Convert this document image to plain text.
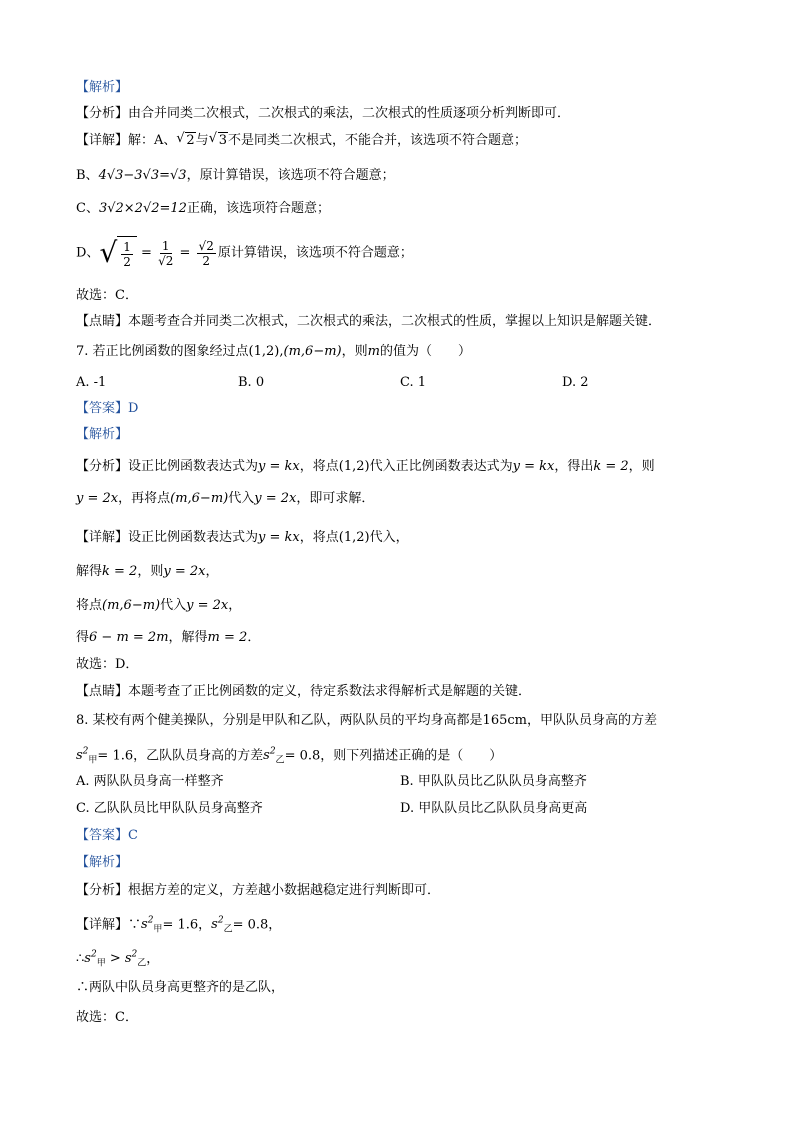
【解析】
【分析】由合并同类二次根式，二次根式的乘法，二次根式的性质逐项分析判断即可．
【详解】解：A、 √ 2与 √ 3不是同类二次根式，不能合并，该选项不符合题意；
B、4√3−3√3=√3，原计算错误，该选项不符合题意；
C、3√2×2√2=12正确，该选项符合题意；
D、 √ $\frac{1}{2} = \frac{1}{√2} = \frac{√2}{2}$ 原计算错误，该选项不符合题意；
故选：C．
【点睛】本题考查合并同类二次根式，二次根式的乘法，二次根式的性质，掌握以上知识是解题关键．
7. 若正比例函数的图象经过点(1,2),(m,6−m)，则m的值为（　　）
A. -1	B. 0	C. 1	D. 2
【答案】D
【解析】
【分析】设正比例函数表达式为y = kx，将点(1,2)代入正比例函数表达式为y = kx，得出k = 2，则
y = 2x，再将点(m,6−m)代入y = 2x，即可求解．
【详解】设正比例函数表达式为y = kx，将点(1,2)代入，
解得k = 2，则y = 2x，
将点(m,6−m)代入y = 2x，
得6 − m = 2m，解得m = 2．
故选：D．
【点睛】本题考查了正比例函数的定义，待定系数法求得解析式是解题的关键．
8. 某校有两个健美操队，分别是甲队和乙队，两队队员的平均身高都是165cm，甲队队员身高的方差
$s^2_甲= 1.6$，乙队队员身高的方差$s^2_乙= 0.8$，则下列描述正确的是（　　）
A. 两队队员身高一样整齐	B. 甲队队员比乙队队员身高整齐
C. 乙队队员比甲队队员身高整齐	D. 甲队队员比乙队队员身高更高
【答案】C
【解析】
【分析】根据方差的定义，方差越小数据越稳定进行判断即可．
【详解】$\because s^2_甲= 1.6$，$s^2_乙= 0.8$，
$\therefore s^2_甲 > s^2_乙$，
∴两队中队员身高更整齐的是乙队，
故选：C．
